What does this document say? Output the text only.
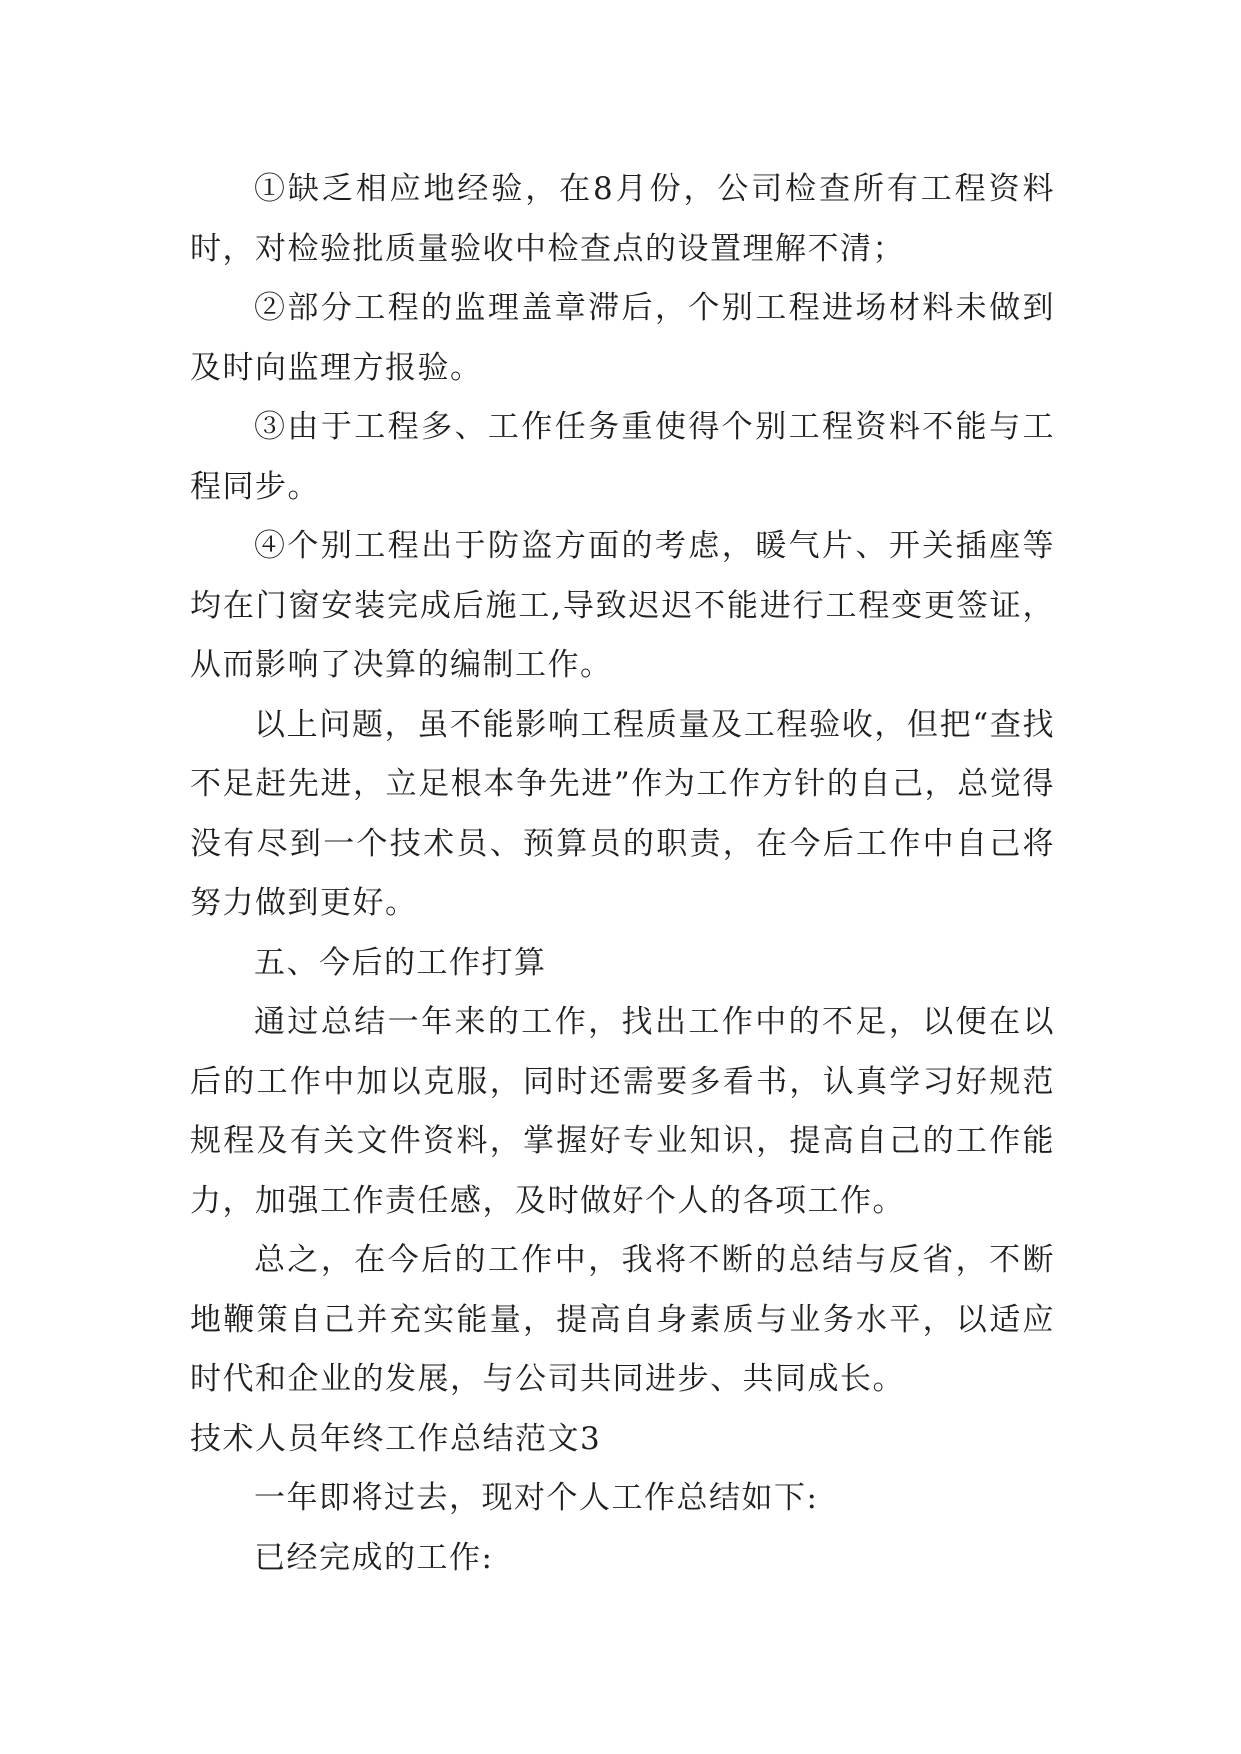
①缺乏相应地经验，在8月份，公司检查所有工程资料时，对检验批质量验收中检查点的设置理解不清；

②部分工程的监理盖章滞后，个别工程进场材料未做到及时向监理方报验。

③由于工程多、工作任务重使得个别工程资料不能与工程同步。

④个别工程出于防盗方面的考虑，暖气片、开关插座等均在门窗安装完成后施工,导致迟迟不能进行工程变更签证，从而影响了决算的编制工作。

以上问题，虽不能影响工程质量及工程验收，但把“查找不足赶先进，立足根本争先进”作为工作方针的自己，总觉得没有尽到一个技术员、预算员的职责，在今后工作中自己将努力做到更好。

五、今后的工作打算

通过总结一年来的工作，找出工作中的不足，以便在以后的工作中加以克服，同时还需要多看书，认真学习好规范规程及有关文件资料，掌握好专业知识，提高自己的工作能力，加强工作责任感，及时做好个人的各项工作。

总之，在今后的工作中，我将不断的总结与反省，不断地鞭策自己并充实能量，提高自身素质与业务水平，以适应时代和企业的发展，与公司共同进步、共同成长。

技术人员年终工作总结范文3

一年即将过去，现对个人工作总结如下:

已经完成的工作:
